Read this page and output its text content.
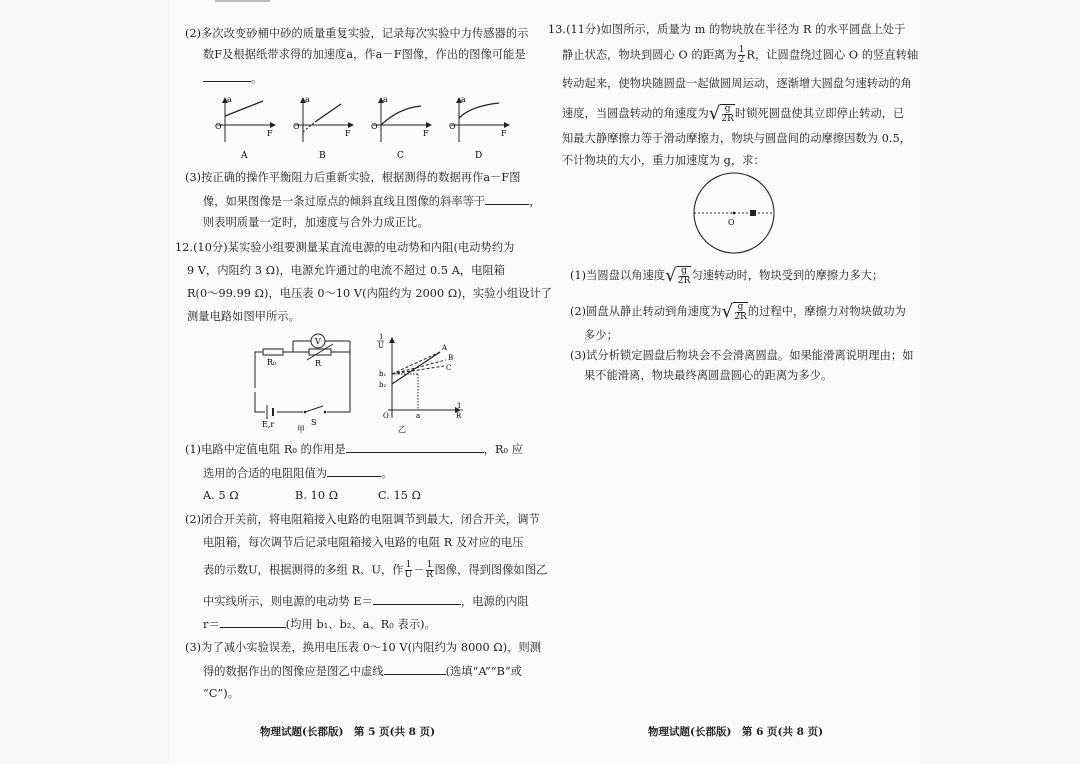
(2)多次改变砂桶中砂的质量重复实验，记录每次实验中力传感器的示
数F及根据纸带求得的加速度a，作a－F图像，作出的图像可能是
。
a
O
F
A
a
O
F
B
a
O
F
C
a
O
F
D
(3)按正确的操作平衡阻力后重新实验，根据测得的数据再作a－F图
像，如果图像是一条过原点的倾斜直线且图像的斜率等于	，
则表明质量一定时，加速度与合外力成正比。
12.(10分)某实验小组要测量某直流电源的电动势和内阻(电动势约为
9 V，内阻约 3 Ω)，电源允许通过的电流不超过 0.5 A，电阻箱
R(0～99.99 Ω)，电压表 0～10 V(内阻约为 2000 Ω)，实验小组设计了
测量电路如图甲所示。
V
R₀	R
E,r	S
甲
1
U
1
R
A
B
C
b₁
b₂
O	a
乙
(1)电路中定值电阻 R₀ 的作用是	，R₀ 应
选用的合适的电阻阻值为	。
A. 5 Ω	B. 10 Ω	C. 15 Ω
(2)闭合开关前，将电阻箱接入电路的电阻调节到最大，闭合开关，调节
电阻箱，每次调节后记录电阻箱接入电路的电阻 R 及对应的电压
表的示数U，根据测得的多组 R、U，作 $\frac{1}{U} - \frac{1}{R}$ 图像，得到图像如图乙
中实线所示，则电源的电动势 E＝	，电源的内阻
r＝	(均用 b₁、b₂、a、R₀ 表示)。
(3)为了减小实验误差，换用电压表 0～10 V(内阻约为 8000 Ω)，则测
得的数据作出的图像应是图乙中虚线	(选填“A”“B”或
“C”)。
物理试题(长郡版)　第 5 页(共 8 页)
13.(11分)如图所示，质量为 m 的物块放在半径为 R 的水平圆盘上处于
静止状态，物块到圆心 O 的距离为 $\frac{1}{2}$ R，让圆盘绕过圆心 O 的竖直转轴
转动起来，使物块随圆盘一起做圆周运动，逐渐增大圆盘匀速转动的角
速度，当圆盘转动的角速度为 √ $\frac{g}{2R}$ 时锁死圆盘使其立即停止转动，已
知最大静摩擦力等于滑动摩擦力，物块与圆盘间的动摩擦因数为 0.5，
不计物块的大小，重力加速度为 g，求：
O
(1)当圆盘以角速度 √ $\frac{g}{2R}$ 匀速转动时，物块受到的摩擦力多大；
(2)圆盘从静止转动到角速度为 √ $\frac{g}{2R}$ 的过程中，摩擦力对物块做功为
多少；
(3)试分析锁定圆盘后物块会不会滑离圆盘。如果能滑离说明理由；如
果不能滑离，物块最终离圆盘圆心的距离为多少。
物理试题(长郡版)　第 6 页(共 8 页)
